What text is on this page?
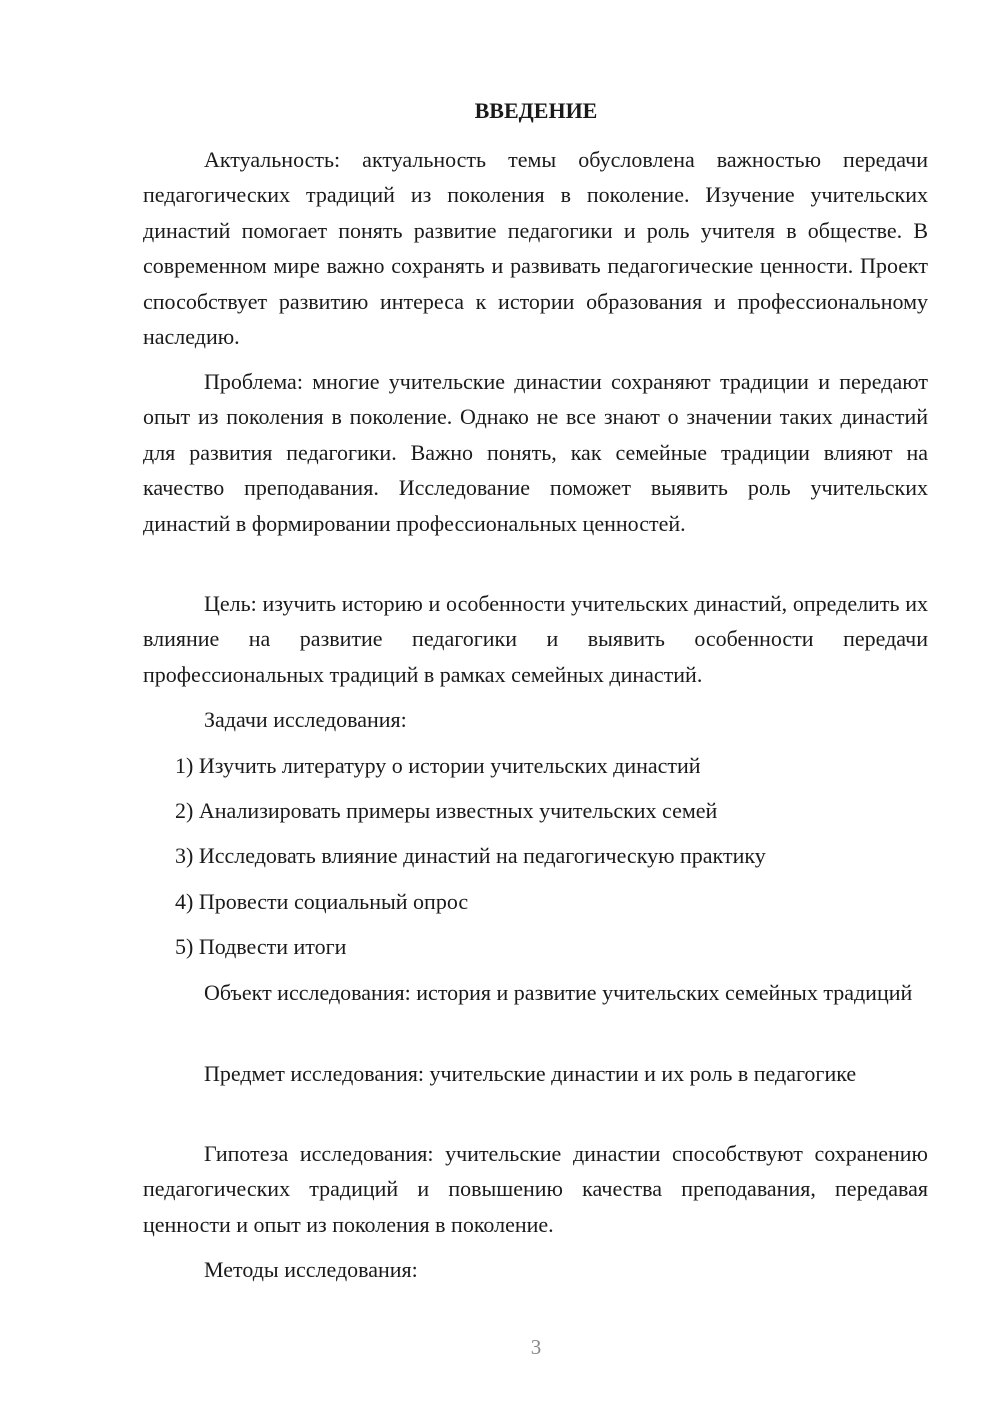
ВВЕДЕНИЕ

Актуальность: актуальность темы обусловлена важностью передачи педагогических традиций из поколения в поколение. Изучение учительских династий помогает понять развитие педагогики и роль учителя в обществе. В современном мире важно сохранять и развивать педагогические ценности. Проект способствует развитию интереса к истории образования и профессиональному наследию.

Проблема: многие учительские династии сохраняют традиции и передают опыт из поколения в поколение. Однако не все знают о значении таких династий для развития педагогики. Важно понять, как семейные традиции влияют на качество преподавания. Исследование поможет выявить роль учительских династий в формировании профессиональных ценностей.

Цель: изучить историю и особенности учительских династий, определить их влияние на развитие педагогики и выявить особенности передачи профессиональных традиций в рамках семейных династий.

Задачи исследования:

1) Изучить литературу о истории учительских династий

2) Анализировать примеры известных учительских семей

3) Исследовать влияние династий на педагогическую практику

4) Провести социальный опрос

5) Подвести итоги

Объект исследования: история и развитие учительских семейных традиций

Предмет исследования: учительские династии и их роль в педагогике

Гипотеза исследования: учительские династии способствуют сохранению педагогических традиций и повышению качества преподавания, передавая ценности и опыт из поколения в поколение.

Методы исследования:

3
